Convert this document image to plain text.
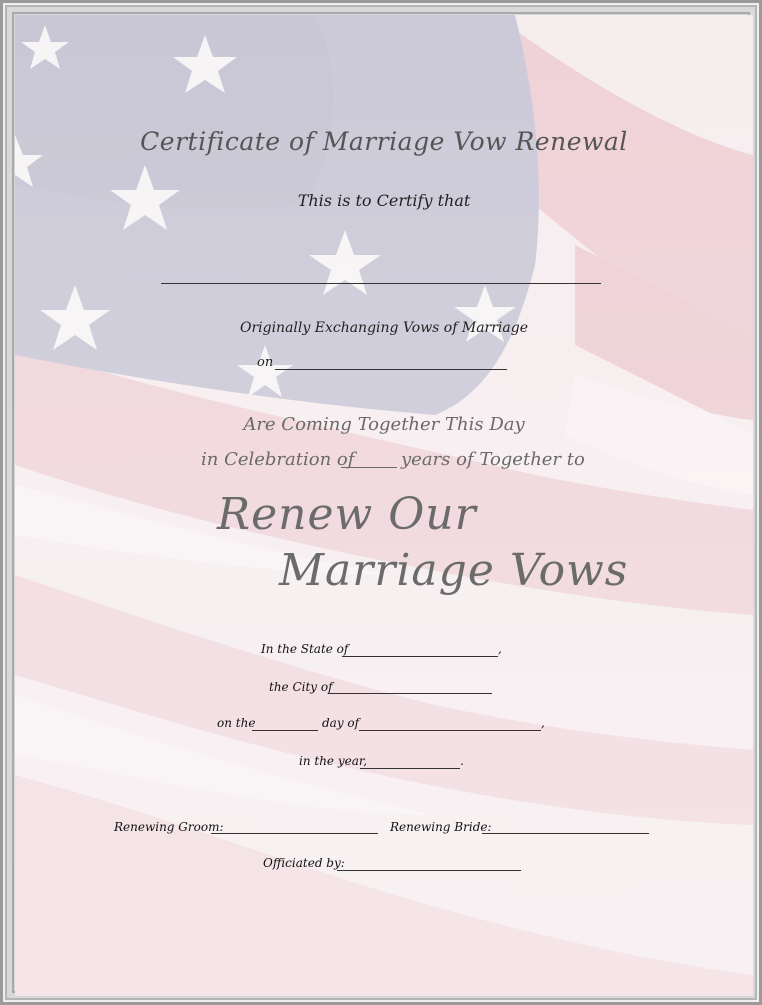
Certificate of Marriage Vow Renewal

This is to Certify that

Originally Exchanging Vows of Marriage

on

Are Coming Together This Day

in Celebration of	years of Together to

Renew Our

Marriage Vows

In the State of	,

the City of

on the	day of	,

in the year,	.

Renewing Groom:	Renewing Bride:

Officiated by:
